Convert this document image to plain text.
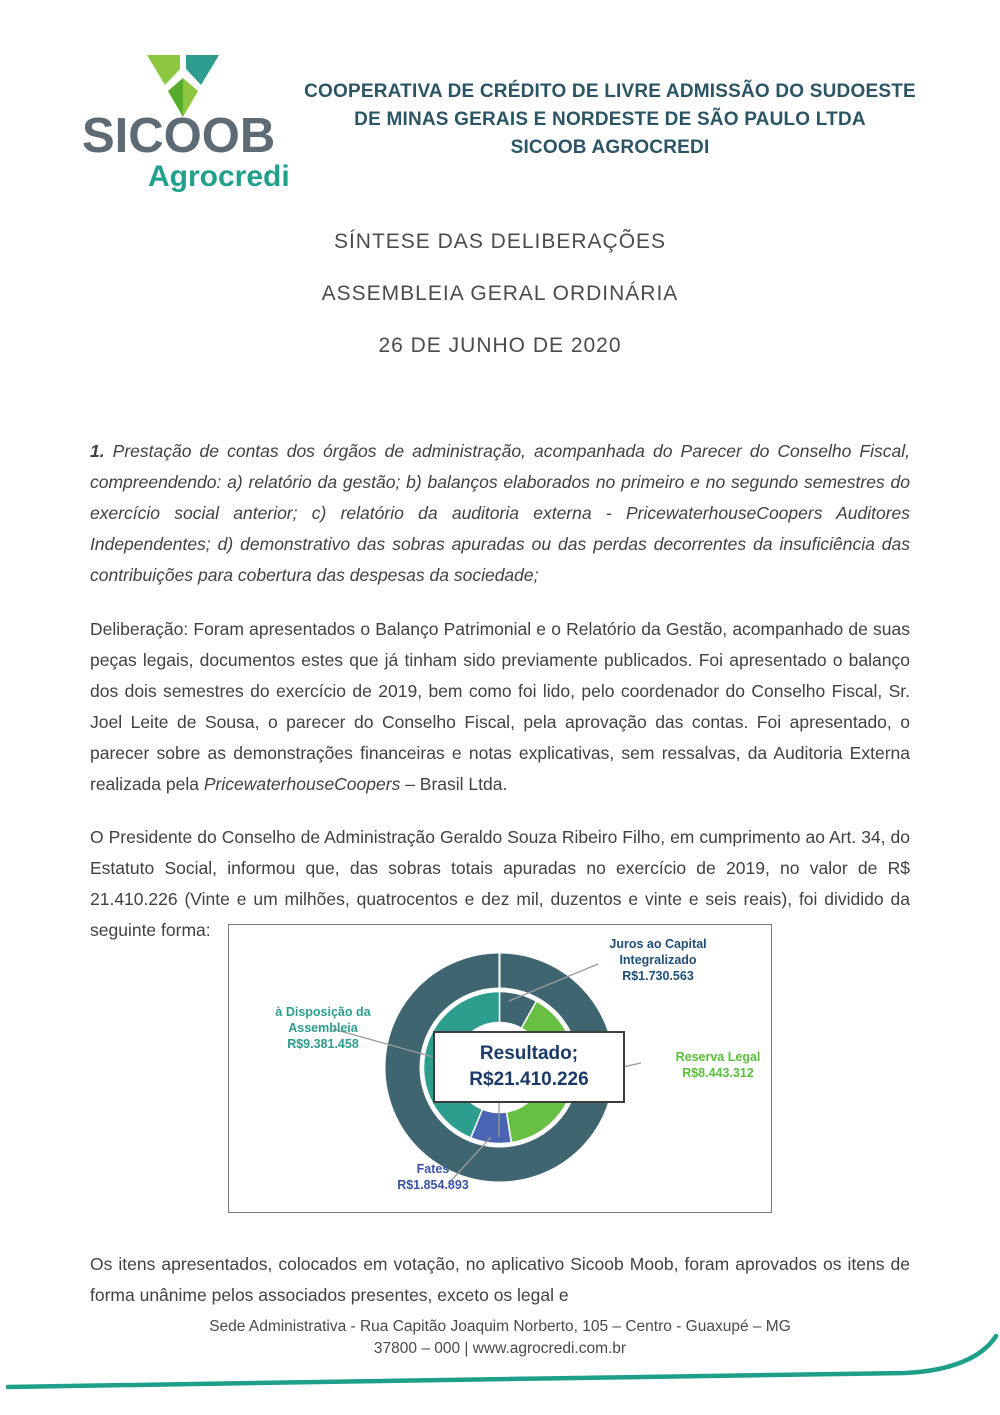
SICOOB
Agrocredi
COOPERATIVA DE CRÉDITO DE LIVRE ADMISSÃO DO SUDOESTE
DE MINAS GERAIS E NORDESTE DE SÃO PAULO LTDA
SICOOB AGROCREDI
SÍNTESE DAS DELIBERAÇÕES
ASSEMBLEIA GERAL ORDINÁRIA
26 DE JUNHO DE 2020

1. Prestação de contas dos órgãos de administração, acompanhada do Parecer do Conselho Fiscal, compreendendo: a) relatório da gestão; b) balanços elaborados no primeiro e no segundo semestres do exercício social anterior; c) relatório da auditoria externa - PricewaterhouseCoopers Auditores Independentes; d) demonstrativo das sobras apuradas ou das perdas decorrentes da insuficiência das contribuições para cobertura das despesas da sociedade;

Deliberação: Foram apresentados o Balanço Patrimonial e o Relatório da Gestão, acompanhado de suas peças legais, documentos estes que já tinham sido previamente publicados. Foi apresentado o balanço dos dois semestres do exercício de 2019, bem como foi lido, pelo coordenador do Conselho Fiscal, Sr. Joel Leite de Sousa, o parecer do Conselho Fiscal, pela aprovação das contas. Foi apresentado, o parecer sobre as demonstrações financeiras e notas explicativas, sem ressalvas, da Auditoria Externa realizada pela PricewaterhouseCoopers – Brasil Ltda.

O Presidente do Conselho de Administração Geraldo Souza Ribeiro Filho, em cumprimento ao Art. 34, do Estatuto Social, informou que, das sobras totais apuradas no exercício de 2019, no valor de R$ 21.410.226 (Vinte e um milhões, quatrocentos e dez mil, duzentos e vinte e seis reais), foi dividido da seguinte forma:

Resultado;
R$21.410.226
Juros ao Capital
Integralizado
R$1.730.563
à Disposição da
Assembleia
R$9.381.458
Reserva Legal
R$8.443.312
Fates
R$1.854.893

Os itens apresentados, colocados em votação, no aplicativo Sicoob Moob, foram aprovados os itens de forma unânime pelos associados presentes, exceto os legal e

Sede Administrativa - Rua Capitão Joaquim Norberto, 105 – Centro - Guaxupé – MG
37800 – 000 | www.agrocredi.com.br
